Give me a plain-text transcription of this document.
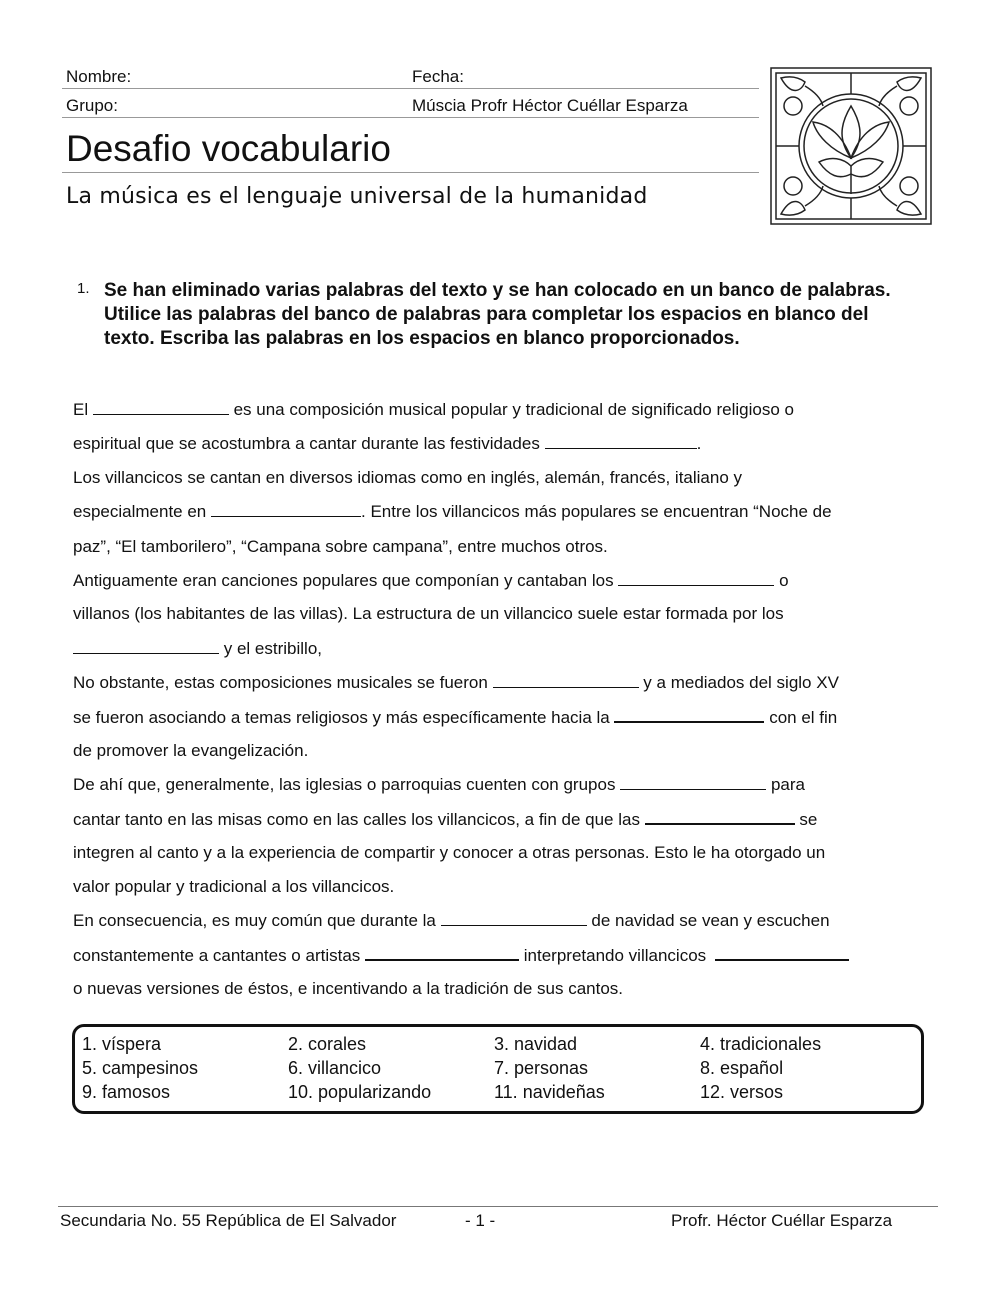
Nombre:	Fecha:
Grupo:	Múscia Profr Héctor Cuéllar Esparza
Desafio vocabulario
La música es el lenguaje universal de la humanidad
1. Se han eliminado varias palabras del texto y se han colocado en un banco de palabras. Utilice las palabras del banco de palabras para completar los espacios en blanco del texto. Escriba las palabras en los espacios en blanco proporcionados.
El	es una composición musical popular y tradicional de significado religioso o
espiritual que se acostumbra a cantar durante las festividades	.
Los villancicos se cantan en diversos idiomas como en inglés, alemán, francés, italiano y
especialmente en	. Entre los villancicos más populares se encuentran “Noche de
paz”, “El tamborilero”, “Campana sobre campana”, entre muchos otros.
Antiguamente eran canciones populares que componían y cantaban los	o
villanos (los habitantes de las villas). La estructura de un villancico suele estar formada por los
y el estribillo,
No obstante, estas composiciones musicales se fueron	y a mediados del siglo XV
se fueron asociando a temas religiosos y más específicamente hacia la	con el fin
de promover la evangelización.
De ahí que, generalmente, las iglesias o parroquias cuenten con grupos	para
cantar tanto en las misas como en las calles los villancicos, a fin de que las	se
integren al canto y a la experiencia de compartir y conocer a otras personas. Esto le ha otorgado un
valor popular y tradicional a los villancicos.
En consecuencia, es muy común que durante la	de navidad se vean y escuchen
constantemente a cantantes o artistas	interpretando villancicos
o nuevas versiones de éstos, e incentivando a la tradición de sus cantos.
1. víspera	2. corales	3. navidad	4. tradicionales
5. campesinos	6. villancico	7. personas	8. español
9. famosos	10. popularizando	11. navideñas	12. versos
Secundaria No. 55 República de El Salvador	- 1 -	Profr. Héctor Cuéllar Esparza
